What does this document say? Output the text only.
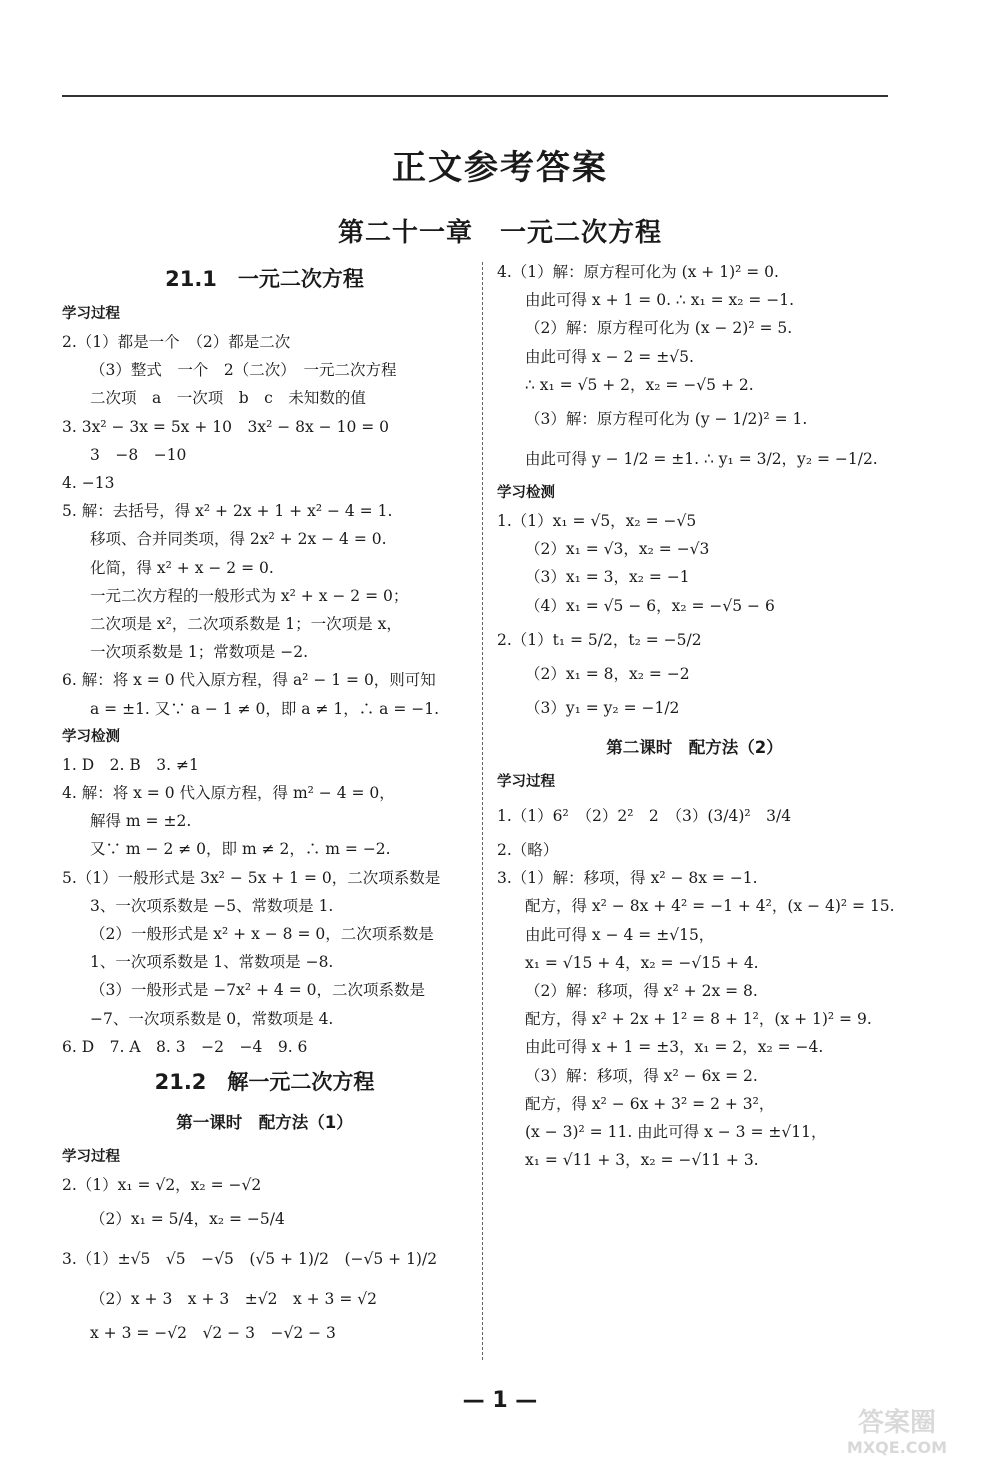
正文参考答案
第二十一章　一元二次方程
21.1　一元二次方程
学习过程
2.（1）都是一个　（2）都是二次
（3）整式　一个　2（二次）　一元二次方程
二次项　a　一次项　b　c　未知数的值
3. 3x² − 3x = 5x + 10　3x² − 8x − 10 = 0
3　−8　−10
4. −13
5. 解：去括号，得 x² + 2x + 1 + x² − 4 = 1.
移项、合并同类项，得 2x² + 2x − 4 = 0.
化简，得 x² + x − 2 = 0.
一元二次方程的一般形式为 x² + x − 2 = 0；
二次项是 x²，二次项系数是 1；一次项是 x，
一次项系数是 1；常数项是 −2.
6. 解：将 x = 0 代入原方程，得 a² − 1 = 0，则可知
a = ±1. 又∵ a − 1 ≠ 0，即 a ≠ 1，∴ a = −1.
学习检测
1. D　2. B　3. ≠1
4. 解：将 x = 0 代入原方程，得 m² − 4 = 0，
解得 m = ±2.
又∵ m − 2 ≠ 0，即 m ≠ 2，∴ m = −2.
5.（1）一般形式是 3x² − 5x + 1 = 0，二次项系数是
3、一次项系数是 −5、常数项是 1.
（2）一般形式是 x² + x − 8 = 0，二次项系数是
1、一次项系数是 1、常数项是 −8.
（3）一般形式是 −7x² + 4 = 0，二次项系数是
−7、一次项系数是 0，常数项是 4.
6. D　7. A　8. 3　−2　−4　9. 6
21.2　解一元二次方程
第一课时　配方法（1）
学习过程
2.（1）x₁ = √2，x₂ = −√2
（2）x₁ = 5/4，x₂ = −5/4
3.（1）±√5　√5　−√5　(√5 + 1)/2　(−√5 + 1)/2
（2）x + 3　x + 3　±√2　x + 3 = √2
x + 3 = −√2　√2 − 3　−√2 − 3
4.（1）解：原方程可化为 (x + 1)² = 0.
由此可得 x + 1 = 0. ∴ x₁ = x₂ = −1.
（2）解：原方程可化为 (x − 2)² = 5.
由此可得 x − 2 = ±√5.
∴ x₁ = √5 + 2，x₂ = −√5 + 2.
（3）解：原方程可化为 (y − 1/2)² = 1.
由此可得 y − 1/2 = ±1. ∴ y₁ = 3/2，y₂ = −1/2.
学习检测
1.（1）x₁ = √5，x₂ = −√5
（2）x₁ = √3，x₂ = −√3
（3）x₁ = 3，x₂ = −1
（4）x₁ = √5 − 6，x₂ = −√5 − 6
2.（1）t₁ = 5/2，t₂ = −5/2
（2）x₁ = 8，x₂ = −2
（3）y₁ = y₂ = −1/2
第二课时　配方法（2）
学习过程
1.（1）6²　（2）2²　2　（3）(3/4)²　3/4
2.（略）
3.（1）解：移项，得 x² − 8x = −1.
配方，得 x² − 8x + 4² = −1 + 4²，(x − 4)² = 15.
由此可得 x − 4 = ±√15，
x₁ = √15 + 4，x₂ = −√15 + 4.
（2）解：移项，得 x² + 2x = 8.
配方，得 x² + 2x + 1² = 8 + 1²，(x + 1)² = 9.
由此可得 x + 1 = ±3，x₁ = 2，x₂ = −4.
（3）解：移项，得 x² − 6x = 2.
配方，得 x² − 6x + 3² = 2 + 3²，
(x − 3)² = 11. 由此可得 x − 3 = ±√11，
x₁ = √11 + 3，x₂ = −√11 + 3.
— 1 —
答案圈
MXQE.COM
